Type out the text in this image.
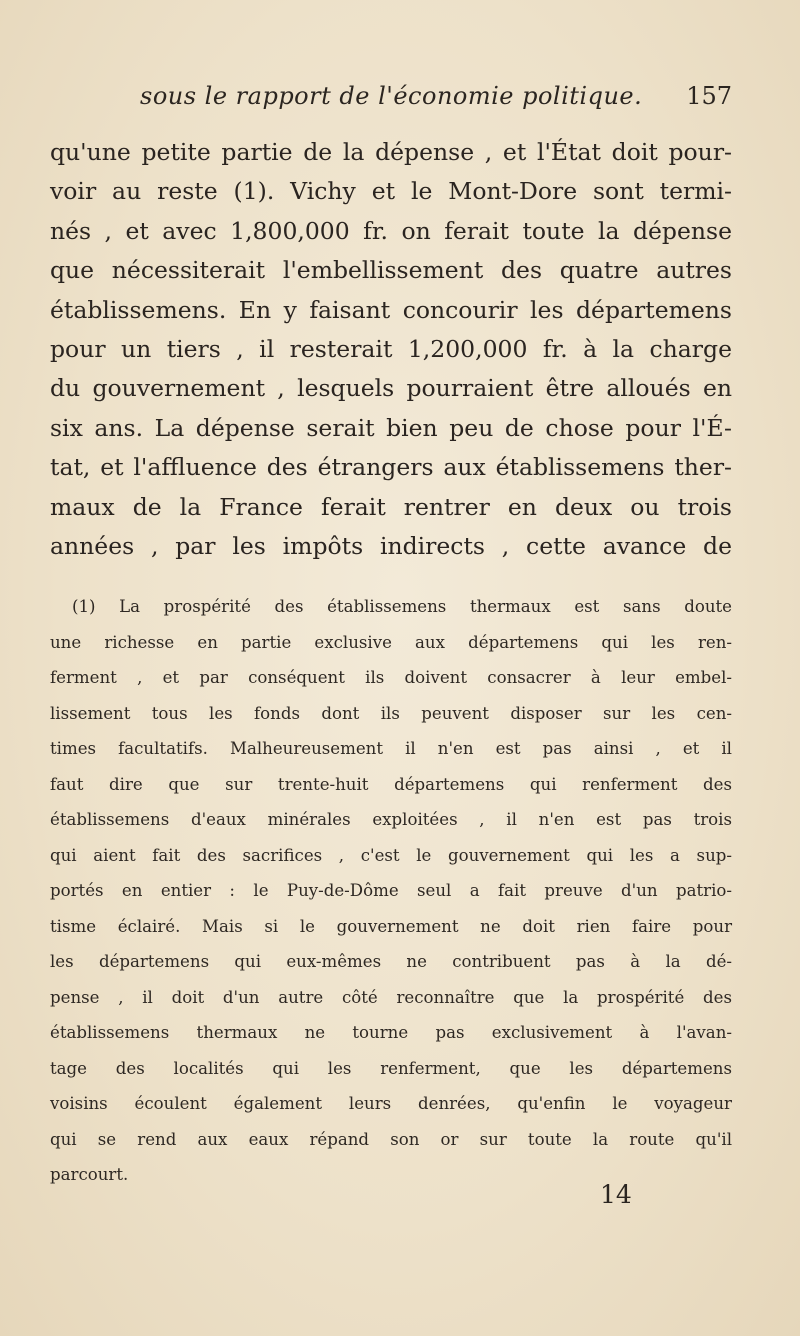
sous le rapport de l'économie politique. 157
qu'une petite partie de la dépense , et l'État doit pour-
voir au reste (1). Vichy et le Mont-Dore sont termi-
nés , et avec 1,800,000 fr. on ferait toute la dépense
que nécessiterait l'embellissement des quatre autres
établissemens. En y faisant concourir les départemens
pour un tiers , il resterait 1,200,000 fr. à la charge
du gouvernement , lesquels pourraient être alloués en
six ans. La dépense serait bien peu de chose pour l'É-
tat, et l'affluence des étrangers aux établissemens ther-
maux de la France ferait rentrer en deux ou trois
années , par les impôts indirects , cette avance de
(1) La prospérité des établissemens thermaux est sans doute
une richesse en partie exclusive aux départemens qui les ren-
ferment , et par conséquent ils doivent consacrer à leur embel-
lissement tous les fonds dont ils peuvent disposer sur les cen-
times facultatifs. Malheureusement il n'en est pas ainsi , et il
faut dire que sur trente-huit départemens qui renferment des
établissemens d'eaux minérales exploitées , il n'en est pas trois
qui aient fait des sacrifices , c'est le gouvernement qui les a sup-
portés en entier : le Puy-de-Dôme seul a fait preuve d'un patrio-
tisme éclairé. Mais si le gouvernement ne doit rien faire pour
les départemens qui eux-mêmes ne contribuent pas à la dé-
pense , il doit d'un autre côté reconnaître que la prospérité des
établissemens thermaux ne tourne pas exclusivement à l'avan-
tage des localités qui les renferment, que les départemens
voisins écoulent également leurs denrées, qu'enfin le voyageur
qui se rend aux eaux répand son or sur toute la route qu'il
parcourt.
14
